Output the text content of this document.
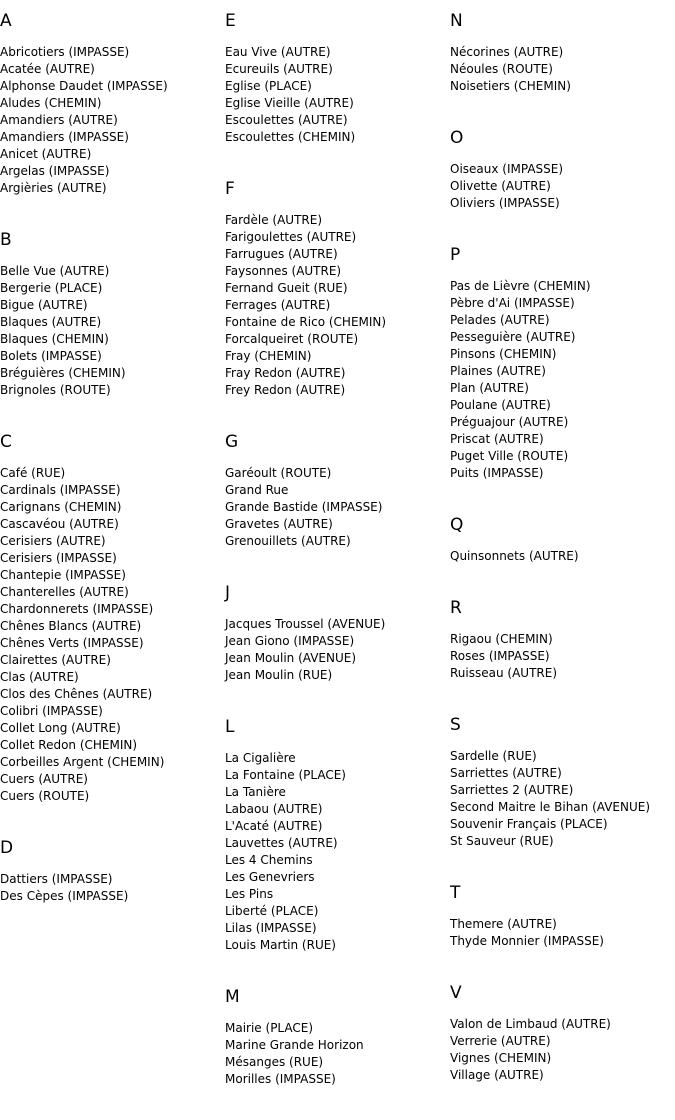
A
Abricotiers (IMPASSE)
Acatée (AUTRE)
Alphonse Daudet (IMPASSE)
Aludes (CHEMIN)
Amandiers (AUTRE)
Amandiers (IMPASSE)
Anicet (AUTRE)
Argelas (IMPASSE)
Argièries (AUTRE)
B
Belle Vue (AUTRE)
Bergerie (PLACE)
Bigue (AUTRE)
Blaques (AUTRE)
Blaques (CHEMIN)
Bolets (IMPASSE)
Bréguières (CHEMIN)
Brignoles (ROUTE)
C
Café (RUE)
Cardinals (IMPASSE)
Carignans (CHEMIN)
Cascavéou (AUTRE)
Cerisiers (AUTRE)
Cerisiers (IMPASSE)
Chantepie (IMPASSE)
Chanterelles (AUTRE)
Chardonnerets (IMPASSE)
Chênes Blancs (AUTRE)
Chênes Verts (IMPASSE)
Clairettes (AUTRE)
Clas (AUTRE)
Clos des Chênes (AUTRE)
Colibri (IMPASSE)
Collet Long (AUTRE)
Collet Redon (CHEMIN)
Corbeilles Argent (CHEMIN)
Cuers (AUTRE)
Cuers (ROUTE)
D
Dattiers (IMPASSE)
Des Cèpes (IMPASSE)
E
Eau Vive (AUTRE)
Ecureuils (AUTRE)
Eglise (PLACE)
Eglise Vieille (AUTRE)
Escoulettes (AUTRE)
Escoulettes (CHEMIN)
F
Fardèle (AUTRE)
Farigoulettes (AUTRE)
Farrugues (AUTRE)
Faysonnes (AUTRE)
Fernand Gueit (RUE)
Ferrages (AUTRE)
Fontaine de Rico (CHEMIN)
Forcalqueiret (ROUTE)
Fray (CHEMIN)
Fray Redon (AUTRE)
Frey Redon (AUTRE)
G
Garéoult (ROUTE)
Grand Rue
Grande Bastide (IMPASSE)
Gravetes (AUTRE)
Grenouillets (AUTRE)
J
Jacques Troussel (AVENUE)
Jean Giono (IMPASSE)
Jean Moulin (AVENUE)
Jean Moulin (RUE)
L
La Cigalière
La Fontaine (PLACE)
La Tanière
Labaou (AUTRE)
L'Acaté (AUTRE)
Lauvettes (AUTRE)
Les 4 Chemins
Les Genevriers
Les Pins
Liberté (PLACE)
Lilas (IMPASSE)
Louis Martin (RUE)
M
Mairie (PLACE)
Marine Grande Horizon
Mésanges (RUE)
Morilles (IMPASSE)
N
Nécorines (AUTRE)
Néoules (ROUTE)
Noisetiers (CHEMIN)
O
Oiseaux (IMPASSE)
Olivette (AUTRE)
Oliviers (IMPASSE)
P
Pas de Lièvre (CHEMIN)
Pèbre d'Ai (IMPASSE)
Pelades (AUTRE)
Pesseguière (AUTRE)
Pinsons (CHEMIN)
Plaines (AUTRE)
Plan (AUTRE)
Poulane (AUTRE)
Préguajour (AUTRE)
Priscat (AUTRE)
Puget Ville (ROUTE)
Puits (IMPASSE)
Q
Quinsonnets (AUTRE)
R
Rigaou (CHEMIN)
Roses (IMPASSE)
Ruisseau (AUTRE)
S
Sardelle (RUE)
Sarriettes (AUTRE)
Sarriettes 2 (AUTRE)
Second Maitre le Bihan (AVENUE)
Souvenir Français (PLACE)
St Sauveur (RUE)
T
Themere (AUTRE)
Thyde Monnier (IMPASSE)
V
Valon de Limbaud (AUTRE)
Verrerie (AUTRE)
Vignes (CHEMIN)
Village (AUTRE)
